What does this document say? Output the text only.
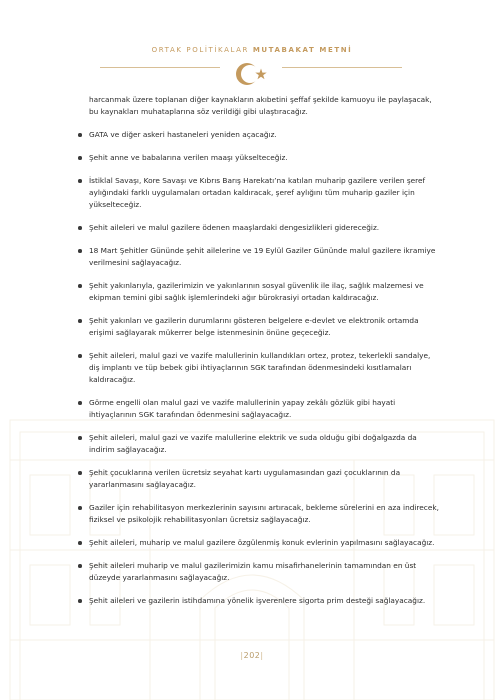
ORTAK POLİTİKALAR MUTABAKAT METNİ

harcanmak üzere toplanan diğer kaynakların akıbetini şeffaf şekilde kamuoyu ile paylaşacak, bu kaynakları muhataplarına söz verildiği gibi ulaştıracağız.

GATA ve diğer askeri hastaneleri yeniden açacağız.
Şehit anne ve babalarına verilen maaşı yükselteceğiz.
İstiklal Savaşı, Kore Savaşı ve Kıbrıs Barış Harekatı’na katılan muharip gazilere verilen şeref aylığındaki farklı uygulamaları ortadan kaldıracak, şeref aylığını tüm muharip gaziler için yükselteceğiz.
Şehit aileleri ve malul gazilere ödenen maaşlardaki dengesizlikleri gidereceğiz.
18 Mart Şehitler Gününde şehit ailelerine ve 19 Eylül Gaziler Gününde malul gazilere ikramiye verilmesini sağlayacağız.
Şehit yakınlarıyla, gazilerimizin ve yakınlarının sosyal güvenlik ile ilaç, sağlık malzemesi ve ekipman temini gibi sağlık işlemlerindeki ağır bürokrasiyi ortadan kaldıracağız.
Şehit yakınları ve gazilerin durumlarını gösteren belgelere e-devlet ve elektronik ortamda erişimi sağlayarak mükerrer belge istenmesinin önüne geçeceğiz.
Şehit aileleri, malul gazi ve vazife malullerinin kullandıkları ortez, protez, tekerlekli sandalye, diş implantı ve tüp bebek gibi ihtiyaçlarının SGK tarafından ödenmesindeki kısıtlamaları kaldıracağız.
Görme engelli olan malul gazi ve vazife malullerinin yapay zekâlı gözlük gibi hayati ihtiyaçlarının SGK tarafından ödenmesini sağlayacağız.
Şehit aileleri, malul gazi ve vazife malullerine elektrik ve suda olduğu gibi doğalgazda da indirim sağlayacağız.
Şehit çocuklarına verilen ücretsiz seyahat kartı uygulamasından gazi çocuklarının da yararlanmasını sağlayacağız.
Gaziler için rehabilitasyon merkezlerinin sayısını artıracak, bekleme sürelerini en aza indirecek, fiziksel ve psikolojik rehabilitasyonları ücretsiz sağlayacağız.
Şehit aileleri, muharip ve malul gazilere özgülenmiş konuk evlerinin yapılmasını sağlayacağız.
Şehit aileleri muharip ve malul gazilerimizin kamu misafirhanelerinin tamamından en üst düzeyde yararlanmasını sağlayacağız.
Şehit aileleri ve gazilerin istihdamına yönelik işverenlere sigorta prim desteği sağlayacağız.
|202|
